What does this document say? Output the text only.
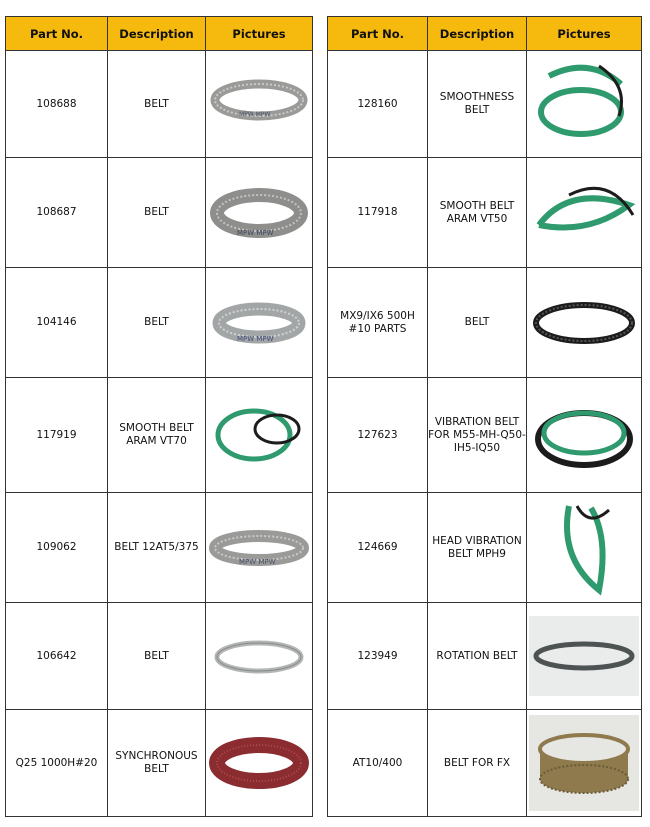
Part No.	Description	Pictures
108688	BELT	MPW MPW

108687	BELT	MPW MPW

104146	BELT	MPW MPW

117919	SMOOTH BELT ARAM VT70	

109062	BELT 12AT5/375	MPW MPW

106642	BELT	

Q25 1000H#20	SYNCHRONOUS BELT	
Part No.	Description	Pictures
128160	SMOOTHNESS BELT	

117918	SMOOTH BELT ARAM VT50	

MX9/IX6 500H #10 PARTS	BELT	

127623	VIBRATION BELT FOR M55-MH-Q50-IH5-IQ50	

124669	HEAD VIBRATION BELT MPH9	

123949	ROTATION BELT	

AT10/400	BELT FOR FX	
